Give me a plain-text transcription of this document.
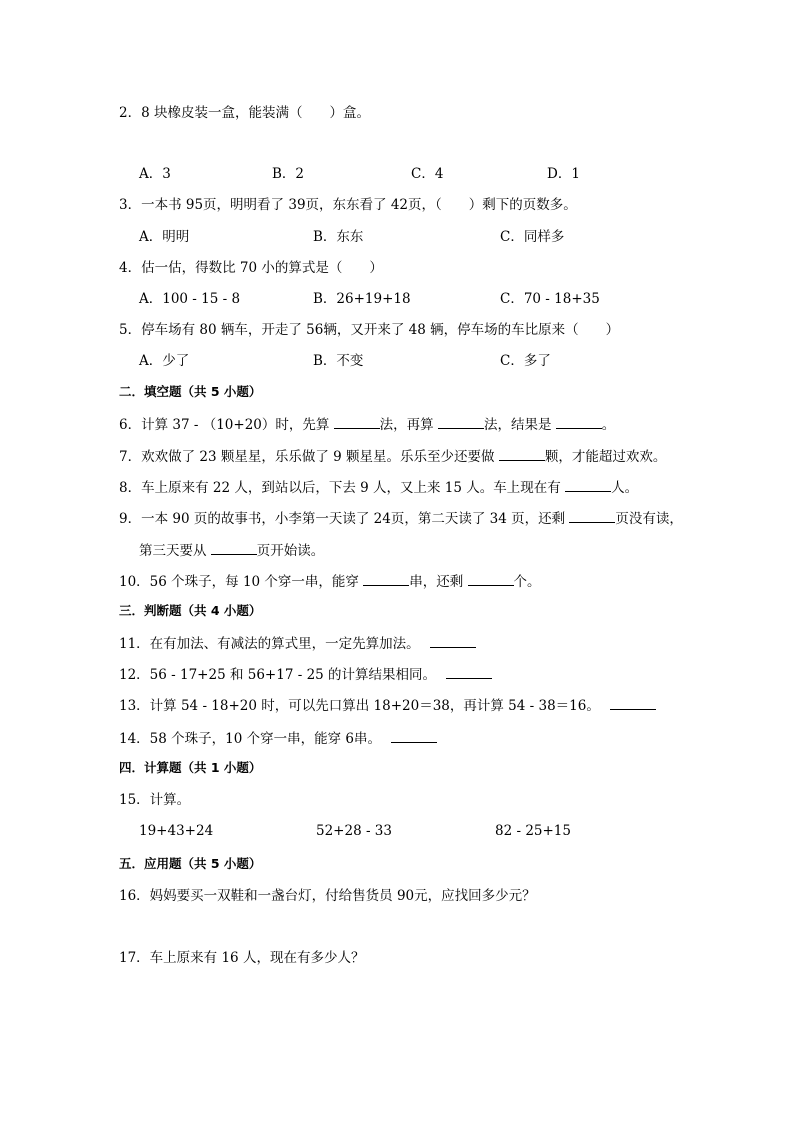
2．8 块橡皮装一盒，能装满（　　）盒。
A．3	B．2	C．4	D．1
3．一本书 95页，明明看了 39页，东东看了 42页，（　　）剩下的页数多。
A．明明	B．东东	C．同样多
4．估一估，得数比 70 小的算式是（　　）
A．100 - 15 - 8	B．26+19+18	C．70 - 18+35
5．停车场有 80 辆车，开走了 56辆，又开来了 48 辆，停车场的车比原来（　　）
A．少了	B．不变	C．多了
二．填空题（共 5 小题）
6．计算 37 - （10+20）时，先算	法，再算	法，结果是	。
7．欢欢做了 23 颗星星，乐乐做了 9 颗星星。乐乐至少还要做	颗，才能超过欢欢。
8．车上原来有 22 人，到站以后，下去 9 人，又上来 15 人。车上现在有	人。
9．一本 90 页的故事书，小李第一天读了 24页，第二天读了 34 页，还剩	页没有读，
第三天要从	页开始读。
10．56 个珠子，每 10 个穿一串，能穿	串，还剩	个。
三．判断题（共 4 小题）
11．在有加法、有减法的算式里，一定先算加法。
12．56 - 17+25 和 56+17 - 25 的计算结果相同。
13．计算 54 - 18+20 时，可以先口算出 18+20＝38，再计算 54 - 38＝16。
14．58 个珠子，10 个穿一串，能穿 6串。
四．计算题（共 1 小题）
15．计算。
19+43+24	52+28 - 33	82 - 25+15
五．应用题（共 5 小题）
16．妈妈要买一双鞋和一盏台灯，付给售货员 90元，应找回多少元？
17．车上原来有 16 人，现在有多少人？
